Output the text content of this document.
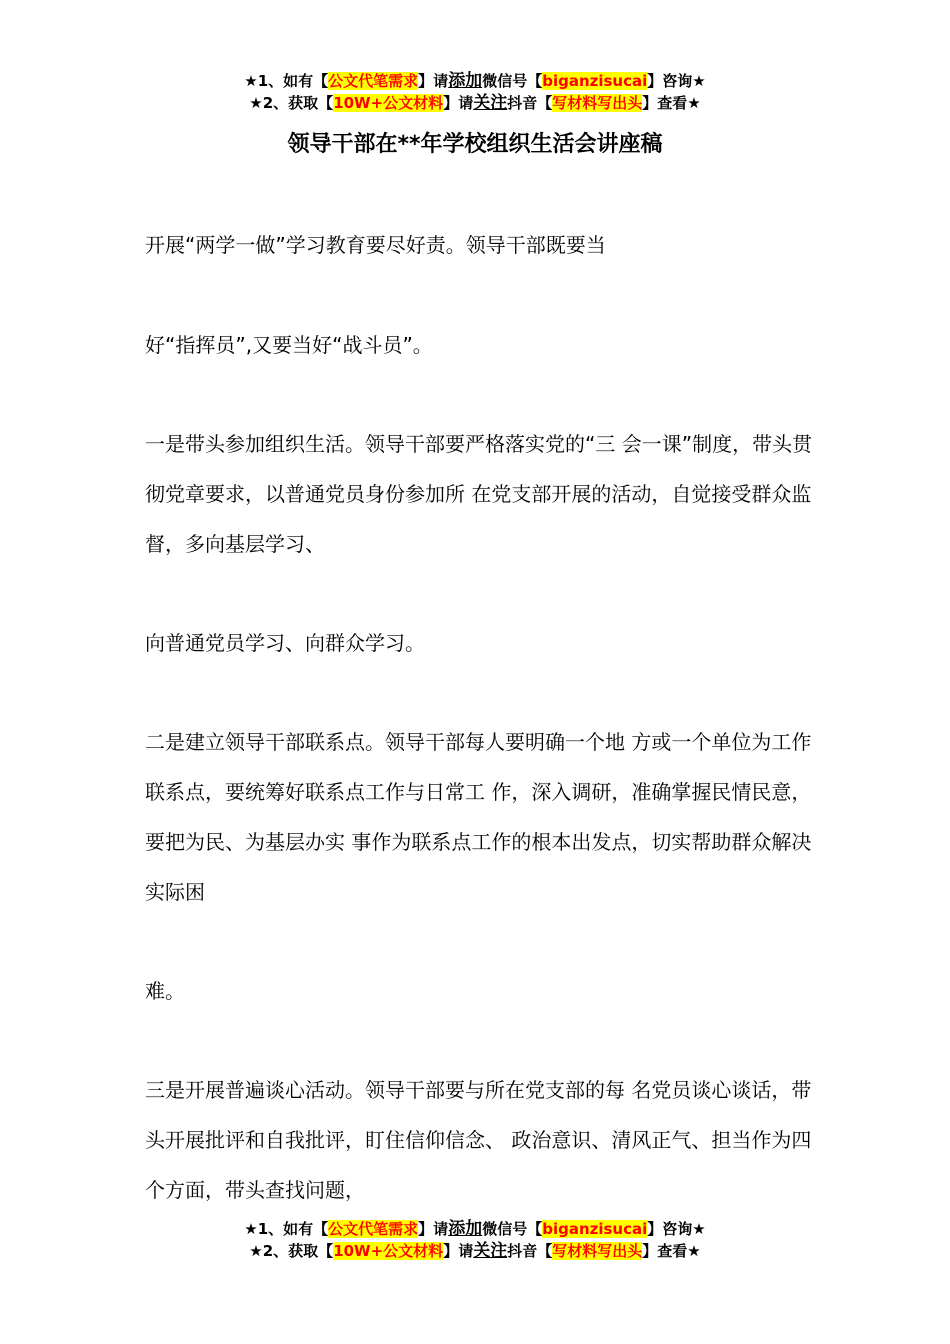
★1、如有【公文代笔需求】请添加微信号【biganzisucai】咨询★
★2、获取【10W+公文材料】请关注抖音【写材料写出头】查看★
领导干部在**年学校组织生活会讲座稿

开展“两学一做”学习教育要尽好责。领导干部既要当

好“指挥员”,又要当好“战斗员”。

一是带头参加组织生活。领导干部要严格落实党的“三 会一课”制度，带头贯彻党章要求，以普通党员身份参加所 在党支部开展的活动，自觉接受群众监督，多向基层学习、

向普通党员学习、向群众学习。

二是建立领导干部联系点。领导干部每人要明确一个地 方或一个单位为工作联系点，要统筹好联系点工作与日常工 作，深入调研，准确掌握民情民意，要把为民、为基层办实 事作为联系点工作的根本出发点，切实帮助群众解决实际困

难。

三是开展普遍谈心活动。领导干部要与所在党支部的每 名党员谈心谈话，带头开展批评和自我批评，盯住信仰信念、 政治意识、清风正气、担当作为四个方面，带头查找问题，

★1、如有【公文代笔需求】请添加微信号【biganzisucai】咨询★
★2、获取【10W+公文材料】请关注抖音【写材料写出头】查看★
